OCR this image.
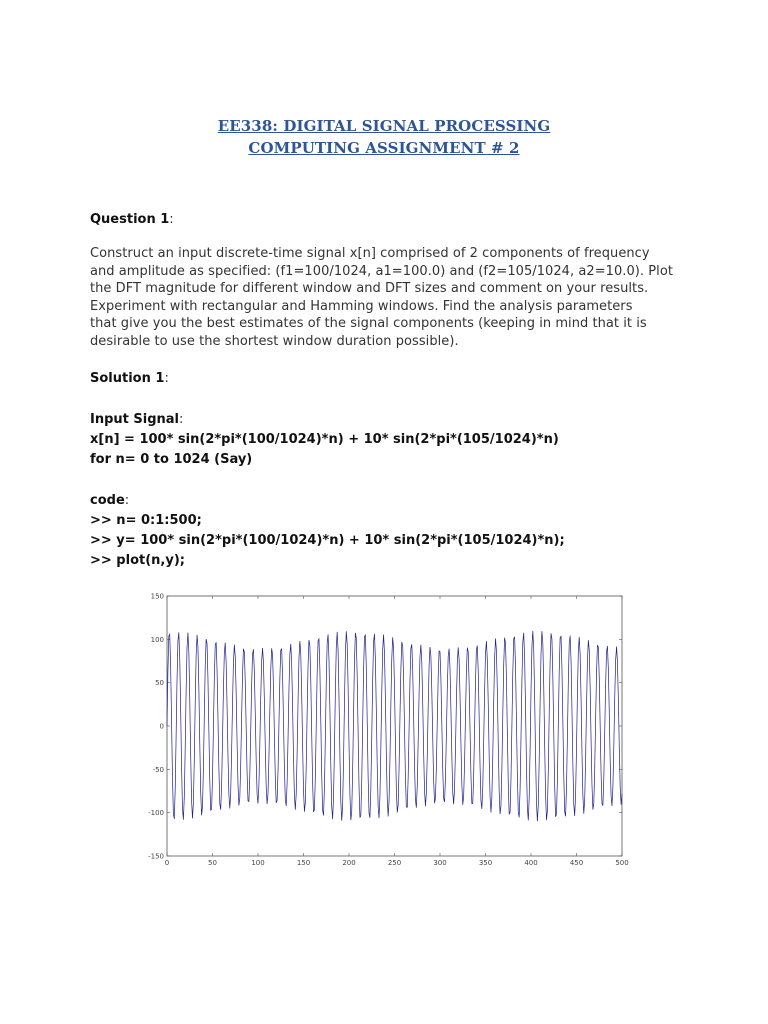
EE338: DIGITAL SIGNAL PROCESSING
COMPUTING ASSIGNMENT # 2
Question 1:
Construct an input discrete-time signal x[n] comprised of 2 components of frequency
and amplitude as specified: (f1=100/1024, a1=100.0) and (f2=105/1024, a2=10.0). Plot
the DFT magnitude for different window and DFT sizes and comment on your results.
Experiment with rectangular and Hamming windows. Find the analysis parameters
that give you the best estimates of the signal components (keeping in mind that it is
desirable to use the shortest window duration possible).
Solution 1:
Input Signal:
x[n] = 100* sin(2*pi*(100/1024)*n) + 10* sin(2*pi*(105/1024)*n)
for n= 0 to 1024 (Say)
code:
>> n= 0:1:500;
>> y= 100* sin(2*pi*(100/1024)*n) + 10* sin(2*pi*(105/1024)*n);
>> plot(n,y);
0	50	100	150	200	250	300	350	400	450	500
150
100
50
0
-50
-100
-150
